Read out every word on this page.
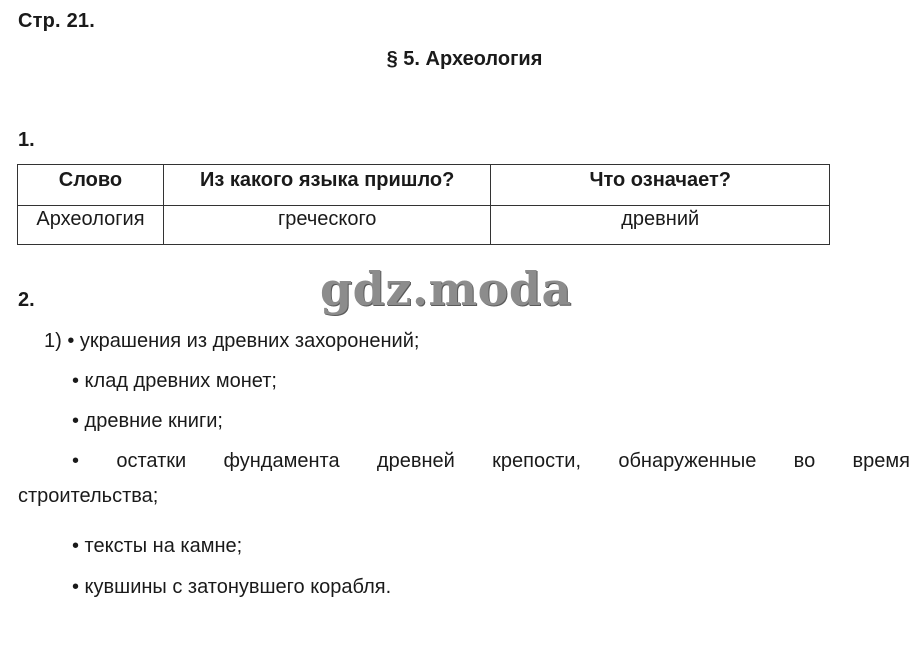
Стр. 21.
§ 5. Археология
1.
Слово	Из какого языка пришло?	Что означает?
Археология	греческого	древний
2.	gdz.moda
1) • украшения из древних захоронений;
• клад древних монет;
• древние книги;
• остатки фундамента древней крепости, обнаруженные во время
строительства;
• тексты на камне;
• кувшины с затонувшего корабля.
